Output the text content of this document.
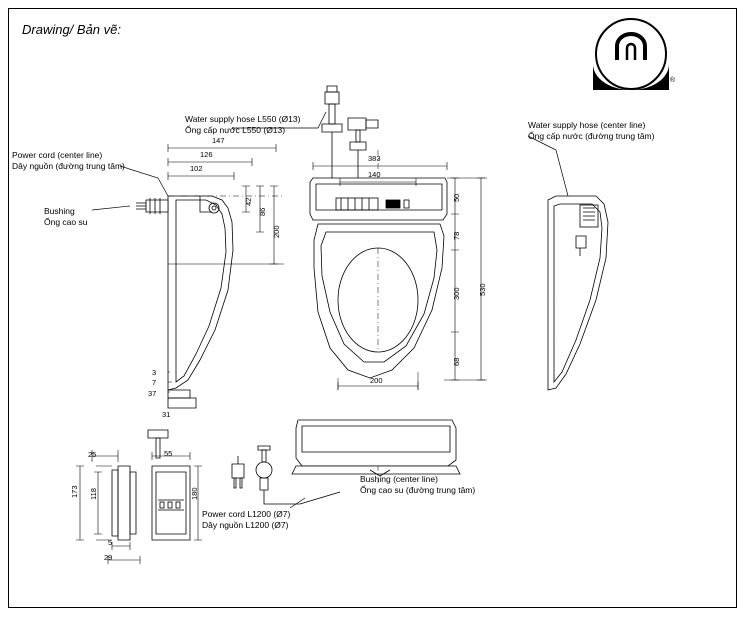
Drawing/ Bản vẽ:
®
Water supply hose L550 (Ø13)
Ống cấp nước L550 (Ø13)	Water supply hose (center line)
Ống cấp nước (đường trung tâm)
Power cord (center line)
Dây nguồn (đường trung tâm)
Bushing
Ống cao su
Bushing (center line)
Ống cao su (đường trung tâm)
Power cord L1200 (Ø7)
Dây nguồn L1200 (Ø7)
147
126
102
42
86
200
3
7
37
31
383
140
200
50
78
300
68
530
25
173 118
5
29
55
180
